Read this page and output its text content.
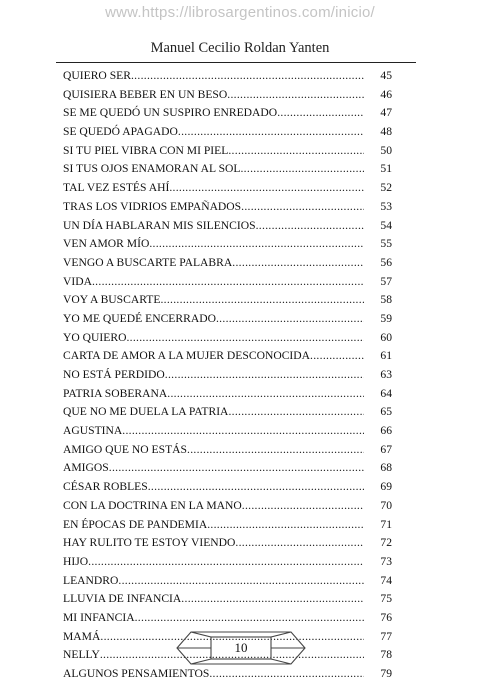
www.https://librosargentinos.com/inicio/
Manuel Cecilio Roldan Yanten
QUIERO SER .....	45
QUISIERA BEBER EN UN BESO .....	46
SE ME QUEDÓ UN SUSPIRO ENREDADO .....	47
SE QUEDÓ APAGADO .....	48
SI TU PIEL VIBRA CON MI PIEL .....	50
SI TUS OJOS ENAMORAN AL SOL .....	51
TAL VEZ ESTÉS AHÍ .....	52
TRAS LOS VIDRIOS EMPAÑADOS .....	53
UN DÍA HABLARAN MIS SILENCIOS .....	54
VEN AMOR MÍO .....	55
VENGO A BUSCARTE PALABRA .....	56
VIDA .....	57
VOY A BUSCARTE .....	58
YO ME QUEDÉ ENCERRADO .....	59
YO QUIERO .....	60
CARTA DE AMOR A LA MUJER DESCONOCIDA .....	61
NO ESTÁ PERDIDO .....	63
PATRIA SOBERANA .....	64
QUE NO ME DUELA LA PATRIA .....	65
AGUSTINA .....	66
AMIGO QUE NO ESTÁS .....	67
AMIGOS .....	68
CÉSAR ROBLES .....	69
CON LA DOCTRINA EN LA MANO .....	70
EN ÉPOCAS DE PANDEMIA .....	71
HAY RULITO TE ESTOY VIENDO .....	72
HIJO .....	73
LEANDRO .....	74
LLUVIA DE INFANCIA .....	75
MI INFANCIA .....	76
MAMÁ .....	77
NELLY .....	78
ALGUNOS PENSAMIENTOS .....	79
10
